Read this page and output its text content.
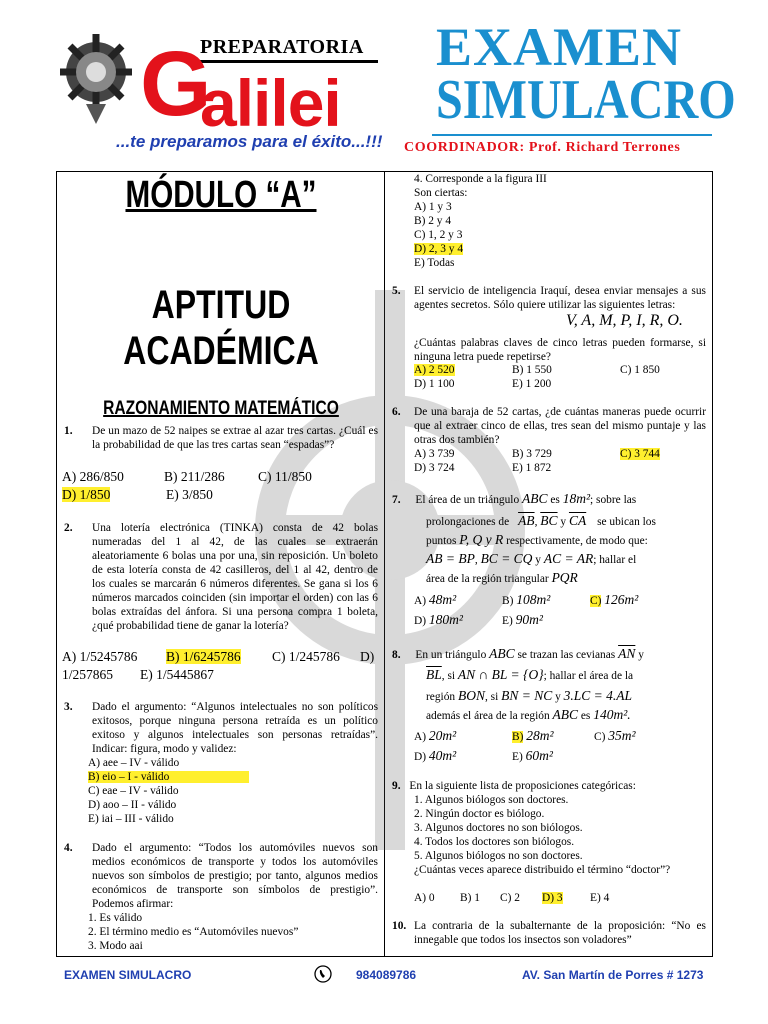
PREPARATORIA
G
alilei
...te preparamos para el éxito...!!!
EXAMEN
SIMULACRO
COORDINADOR: Prof. Richard Terrones
MÓDULO “A”
APTITUD
ACADÉMICA
RAZONAMIENTO MATEMÁTICO
1. De un mazo de 52 naipes se extrae al azar tres cartas. ¿Cuál es la probabilidad de que las tres cartas sean “espadas”?
A) 286/850	B) 211/286 C) 11/850
D) 1/850	E) 3/850
2. Una lotería electrónica (TINKA) consta de 42 bolas numeradas del 1 al 42, de las cuales se extraerán aleatoriamente 6 bolas una por una, sin reposición. Un boleto de esta lotería consta de 42 casilleros, del 1 al 42, dentro de los cuales se marcarán 6 números diferentes. Se gana si los 6 números marcados coinciden (sin importar el orden) con las 6 bolas extraídas del ánfora. Si una persona compra 1 boleta, ¿qué probabilidad tiene de ganar la lotería?
A) 1/5245786 B) 1/6245786 C) 1/245786 D)
1/257865 E) 1/5445867
3. Dado el argumento: “Algunos intelectuales no son políticos exitosos, porque ninguna persona retraída es un político exitoso y algunos intelectuales son personas retraídas”. Indicar: figura, modo y validez:
A) aee – IV - válido
B) eio – I - válido
C) eae – IV - válido
D) aoo – II - válido
E) iai – III - válido
4. Dado el argumento: “Todos los automóviles nuevos son medios económicos de transporte y todos los automóviles nuevos son símbolos de prestigio; por tanto, algunos medios económicos de transporte son símbolos de prestigio”. Podemos afirmar:
1. Es válido
2. El término medio es “Automóviles nuevos”
3. Modo aai
4. Corresponde a la figura III
Son ciertas:
A) 1 y 3
B) 2 y 4
C) 1, 2 y 3
D) 2, 3 y 4
E) Todas
5. El servicio de inteligencia Iraquí, desea enviar mensajes a sus agentes secretos. Sólo quiere utilizar las siguientes letras:
V, A, M, P, I, R, O.
¿Cuántas palabras claves de cinco letras pueden formarse, si ninguna letra puede repetirse?
A) 2 520	B) 1 550	C) 1 850
D) 1 100	E) 1 200
6. De una baraja de 52 cartas, ¿de cuántas maneras puede ocurrir que al extraer cinco de ellas, tres sean del mismo puntaje y las otras dos también?
A) 3 739	B) 3 729	C) 3 744
D) 3 724	E) 1 872
7. El área de un triángulo ABC es 18m²; sobre las
prolongaciones de $\overline{AB}$, $\overline{BC}$ y $\overline{CA}$ se ubican los
puntos P, Q y R respectivamente, de modo que:
AB = BP, BC = CQ y AC = AR; hallar el
área de la región triangular PQR
A) 48m²	B) 108m²	C) 126m²
D) 180m²	E) 90m²
8. En un triángulo ABC se trazan las cevianas $\overline{AN}$ y
$\overline{BL}$, si AN ∩ BL = {O}; hallar el área de la
región BON, si BN = NC y 3.LC = 4.AL
además el área de la región ABC es 140m².
A) 20m²	B) 28m²	C) 35m²
D) 40m²	E) 60m²
9. En la siguiente lista de proposiciones categóricas:
1. Algunos biólogos son doctores.
2. Ningún doctor es biólogo.
3. Algunos doctores no son biólogos.
4. Todos los doctores son biólogos.
5. Algunos biólogos no son doctores.
¿Cuántas veces aparece distribuido el término “doctor”?
A) 0 B) 1 C) 2 D) 3 E) 4
10. La contraria de la subalternante de la proposición: “No es innegable que todos los insectos son voladores”
EXAMEN SIMULACRO	984089786	AV. San Martín de Porres # 1273
